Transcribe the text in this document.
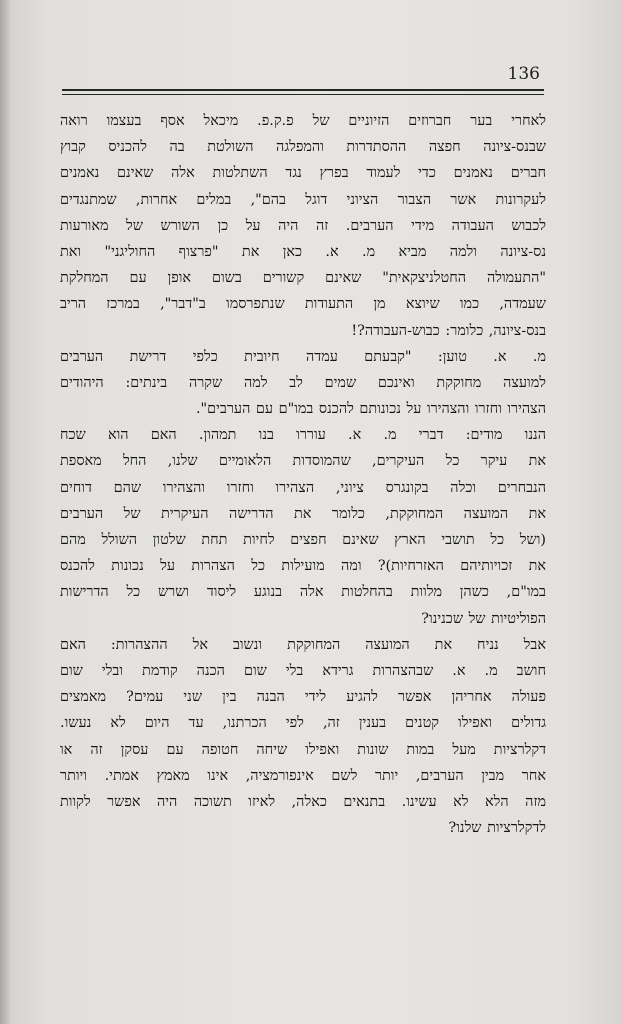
136
לאחרי בער חברוזים הזיוניים של פ.ק.פ. מיכאל אסף בעצמו רואה
שבנס-ציונה חפצה ההסתדרות והמפלגה השולטת בה להכניס קבוץ
חברים נאמנים כדי לעמוד בפרץ נגד השתלטות אלה שאינם נאמנים
לעקרונות אשר הצבור הציוני דוגל בהם", במלים אחרות, שמתנגדים
לכבוש העבודה מידי הערבים. זה היה על כן השורש של מאורעות
נס-ציונה ולמה מביא מ. א. כאן את "פרצוף החוליגני" ואת
"התעמולה החטלניצקאית" שאינם קשורים בשום אופן עם המחלקת
שעמדה, כמו שיוצא מן התעודות שנתפרסמו ב"דבר", במרכז הריב
בנס-ציונה, כלומר: כבוש-העבודה?!
מ. א. טוען: "קבעתם עמדה חיובית כלפי דרישת הערבים
למועצה מחוקקת ואינכם שמים לב למה שקרה בינתים: היהודים
הצהירו וחזרו והצהירו על נכונותם להכנס במו"ם עם הערבים".
הננו מודים: דברי מ. א. עוררו בנו תמהון. האם הוא שכח
את עיקר כל העיקרים, שהמוסדות הלאומיים שלנו, החל מאספת
הנבחרים וכלה בקונגרס ציוני, הצהירו וחזרו והצהירו שהם דוחים
את המועצה המחוקקת, כלומר את הדרישה העיקרית של הערבים
(ושל כל תושבי הארץ שאינם חפצים לחיות תחת שלטון השולל מהם
את זכויותיהם האזרחיות)? ומה מועילות כל הצהרות על נכונות להכנס
במו"ם, כשהן מלוות בהחלטות אלה בנוגע ליסוד ושרש כל הדרישות
הפוליטיות של שכנינו?
אבל נניח את המועצה המחוקקת ונשוב אל ההצהרות: האם
חושב מ. א. שבהצהרות גרידא בלי שום הכנה קודמת ובלי שום
פעולה אחריהן אפשר להגיע לידי הבנה בין שני עמים? מאמצים
גדולים ואפילו קטנים בענין זה, לפי הכרתנו, עד היום לא נעשו.
דקלרציות מעל במות שונות ואפילו שיחה חטופה עם עסקן זה או
אחר מבין הערבים, יותר לשם אינפורמציה, אינו מאמץ אמתי. ויותר
מזה הלא לא עשינו. בתנאים כאלה, לאיזו תשוכה היה אפשר לקוות
לדקלרציות שלנו?
